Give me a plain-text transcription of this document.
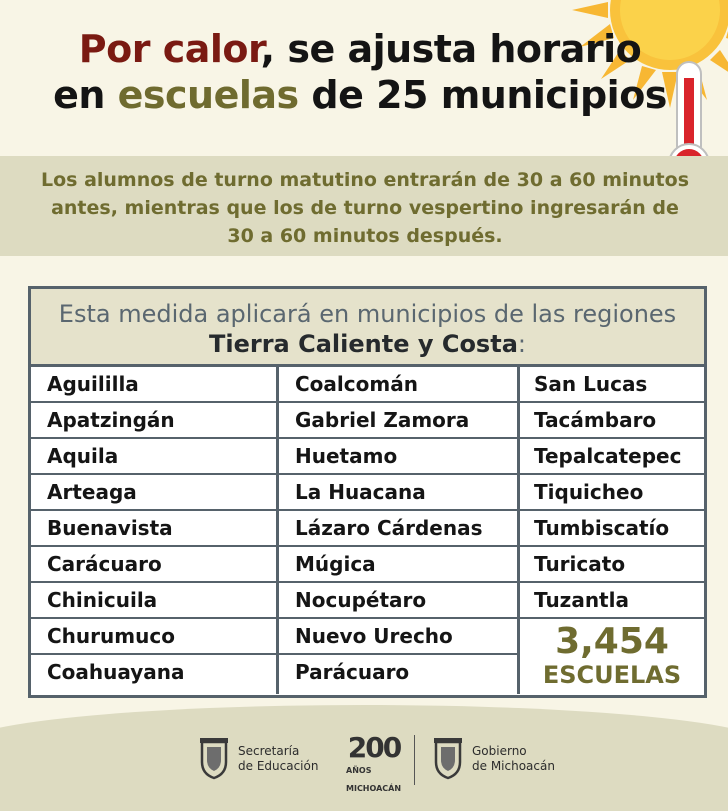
Por calor, se ajusta horario
en escuelas de 25 municipios
Los alumnos de turno matutino entrarán de 30 a 60 minutos antes, mientras que los de turno vespertino ingresarán de 30 a 60 minutos después.
Esta medida aplicará en municipios de las regiones Tierra Caliente y Costa:
Aguililla
Apatzingán
Aquila
Arteaga
Buenavista
Carácuaro
Chinicuila
Churumuco
Coahuayana
Coalcomán
Gabriel Zamora
Huetamo
La Huacana
Lázaro Cárdenas
Múgica
Nocupétaro
Nuevo Urecho
Parácuaro
San Lucas
Tacámbaro
Tepalcatepec
Tiquicheo
Tumbiscatío
Turicato
Tuzantla
3,454
ESCUELAS
Secretaría
de Educación
200
AÑOS
MICHOACÁN
Gobierno
de Michoacán
